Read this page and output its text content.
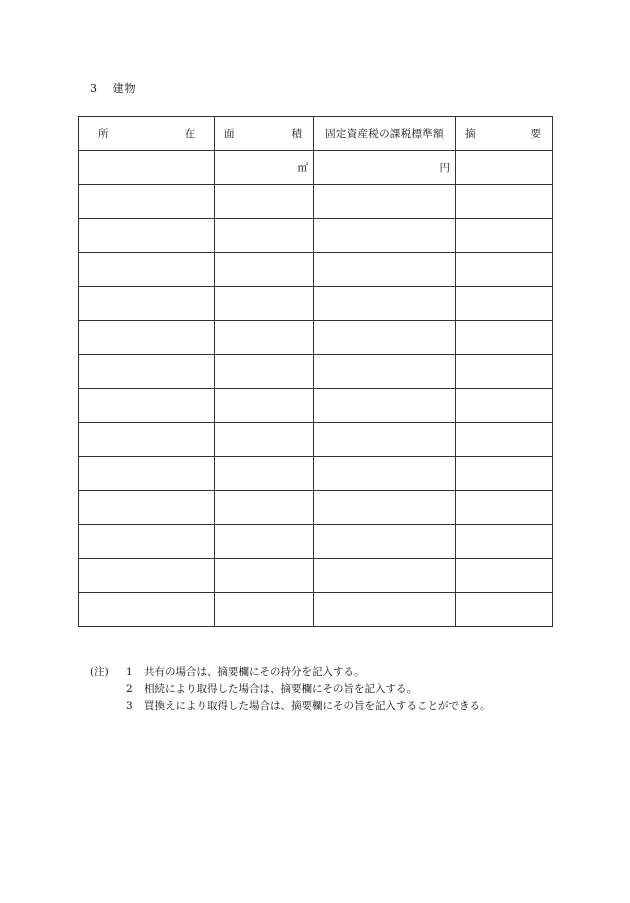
3 建物
所 在	面 積	固定資産税の課税標準額	摘 要

	㎡	円	

(注)	1	共有の場合は、摘要欄にその持分を記入する。
2	相続により取得した場合は、摘要欄にその旨を記入する。
3	買換えにより取得した場合は、摘要欄にその旨を記入することができる。
